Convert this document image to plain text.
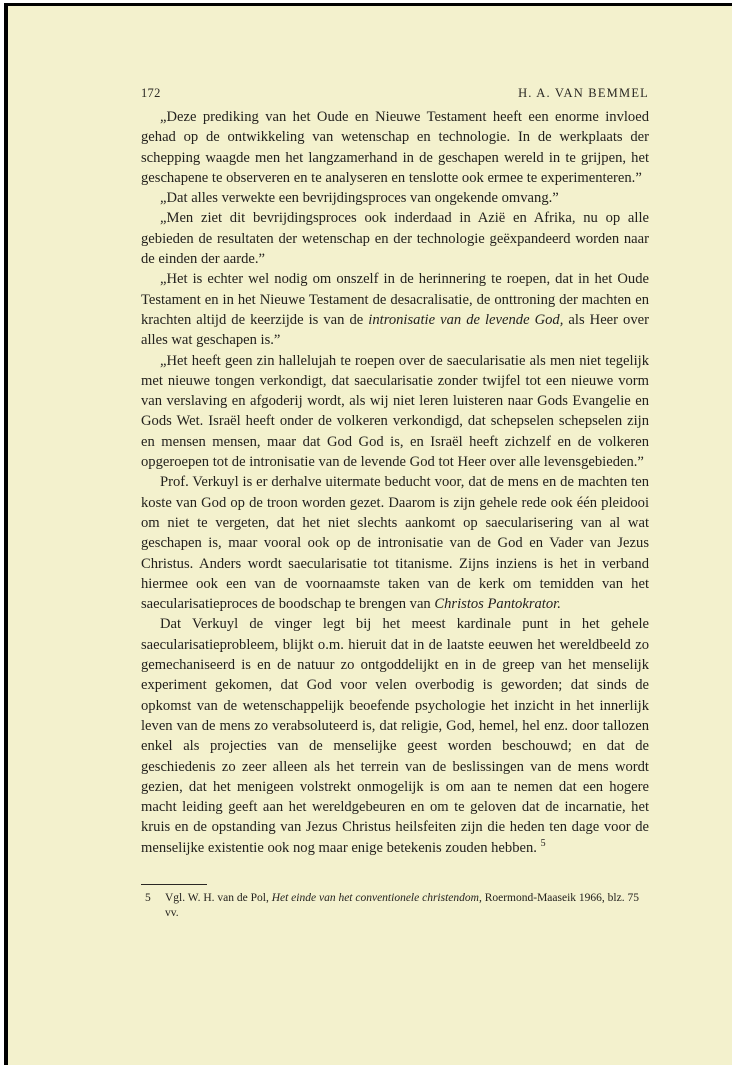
172	H. A. VAN BEMMEL

„Deze prediking van het Oude en Nieuwe Testament heeft een enorme invloed gehad op de ontwikkeling van wetenschap en technologie. In de werkplaats der schepping waagde men het langzamerhand in de geschapen wereld in te grijpen, het geschapene te observeren en te analyseren en tenslotte ook ermee te experimenteren.”

„Dat alles verwekte een bevrijdingsproces van ongekende omvang.”

„Men ziet dit bevrijdingsproces ook inderdaad in Azië en Afrika, nu op alle gebieden de resultaten der wetenschap en der technologie geëxpandeerd worden naar de einden der aarde.”

„Het is echter wel nodig om onszelf in de herinnering te roepen, dat in het Oude Testament en in het Nieuwe Testament de desacralisatie, de onttroning der machten en krachten altijd de keerzijde is van de intronisatie van de levende God, als Heer over alles wat geschapen is.”

„Het heeft geen zin hallelujah te roepen over de saecularisatie als men niet tegelijk met nieuwe tongen verkondigt, dat saecularisatie zonder twijfel tot een nieuwe vorm van verslaving en afgoderij wordt, als wij niet leren luisteren naar Gods Evangelie en Gods Wet. Israël heeft onder de volkeren verkondigd, dat schepselen schepselen zijn en mensen mensen, maar dat God God is, en Israël heeft zichzelf en de volkeren opgeroepen tot de intronisatie van de levende God tot Heer over alle levensgebieden.”

Prof. Verkuyl is er derhalve uitermate beducht voor, dat de mens en de machten ten koste van God op de troon worden gezet. Daarom is zijn gehele rede ook één pleidooi om niet te vergeten, dat het niet slechts aankomt op saecularisering van al wat geschapen is, maar vooral ook op de intronisatie van de God en Vader van Jezus Christus. Anders wordt saecularisatie tot titanisme. Zijns inziens is het in verband hiermee ook een van de voornaamste taken van de kerk om temidden van het saecularisatieproces de boodschap te brengen van Christos Pantokrator.

Dat Verkuyl de vinger legt bij het meest kardinale punt in het gehele saecularisatieprobleem, blijkt o.m. hieruit dat in de laatste eeuwen het wereldbeeld zo gemechaniseerd is en de natuur zo ontgoddelijkt en in de greep van het menselijk experiment gekomen, dat God voor velen overbodig is geworden; dat sinds de opkomst van de wetenschappelijk beoefende psychologie het inzicht in het innerlijk leven van de mens zo verabsoluteerd is, dat religie, God, hemel, hel enz. door tallozen enkel als projecties van de menselijke geest worden beschouwd; en dat de geschiedenis zo zeer alleen als het terrein van de beslissingen van de mens wordt gezien, dat het menigeen volstrekt onmogelijk is om aan te nemen dat een hogere macht leiding geeft aan het wereldgebeuren en om te geloven dat de incarnatie, het kruis en de opstanding van Jezus Christus heilsfeiten zijn die heden ten dage voor de menselijke existentie ook nog maar enige betekenis zouden hebben. $^5$

5 Vgl. W. H. van de Pol, Het einde van het conventionele christendom, Roermond-Maaseik 1966, blz. 75 vv.
